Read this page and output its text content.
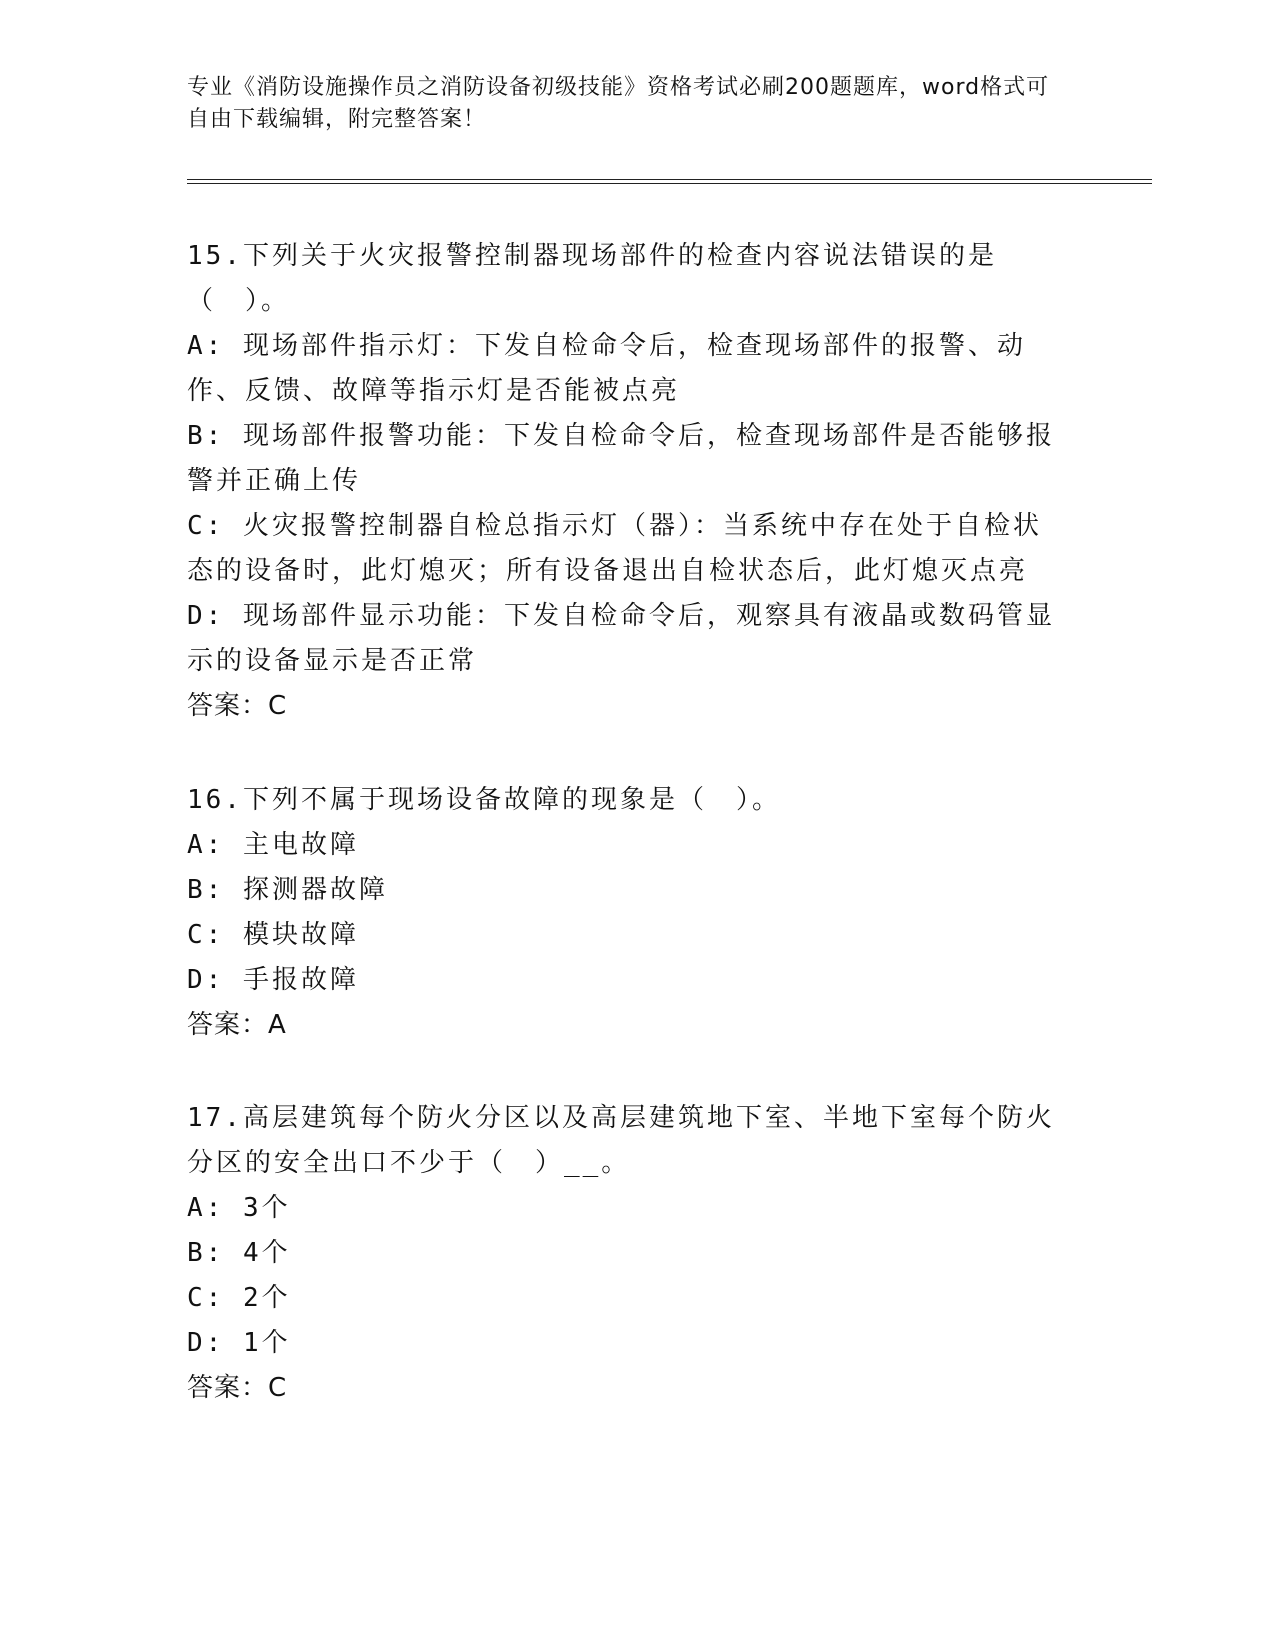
专业《消防设施操作员之消防设备初级技能》资格考试必刷200题题库，word格式可自由下载编辑，附完整答案！

15.下列关于火灾报警控制器现场部件的检查内容说法错误的是（　）。

A: 现场部件指示灯：下发自检命令后，检查现场部件的报警、动作、反馈、故障等指示灯是否能被点亮

B: 现场部件报警功能：下发自检命令后，检查现场部件是否能够报警并正确上传

C: 火灾报警控制器自检总指示灯（器）：当系统中存在处于自检状态的设备时，此灯熄灭；所有设备退出自检状态后，此灯熄灭点亮

D: 现场部件显示功能：下发自检命令后，观察具有液晶或数码管显示的设备显示是否正常

答案：C

16.下列不属于现场设备故障的现象是（　）。

A: 主电故障

B: 探测器故障

C: 模块故障

D: 手报故障

答案：A

17.高层建筑每个防火分区以及高层建筑地下室、半地下室每个防火分区的安全出口不少于（　）__。

A: 3个

B: 4个

C: 2个

D: 1个

答案：C
